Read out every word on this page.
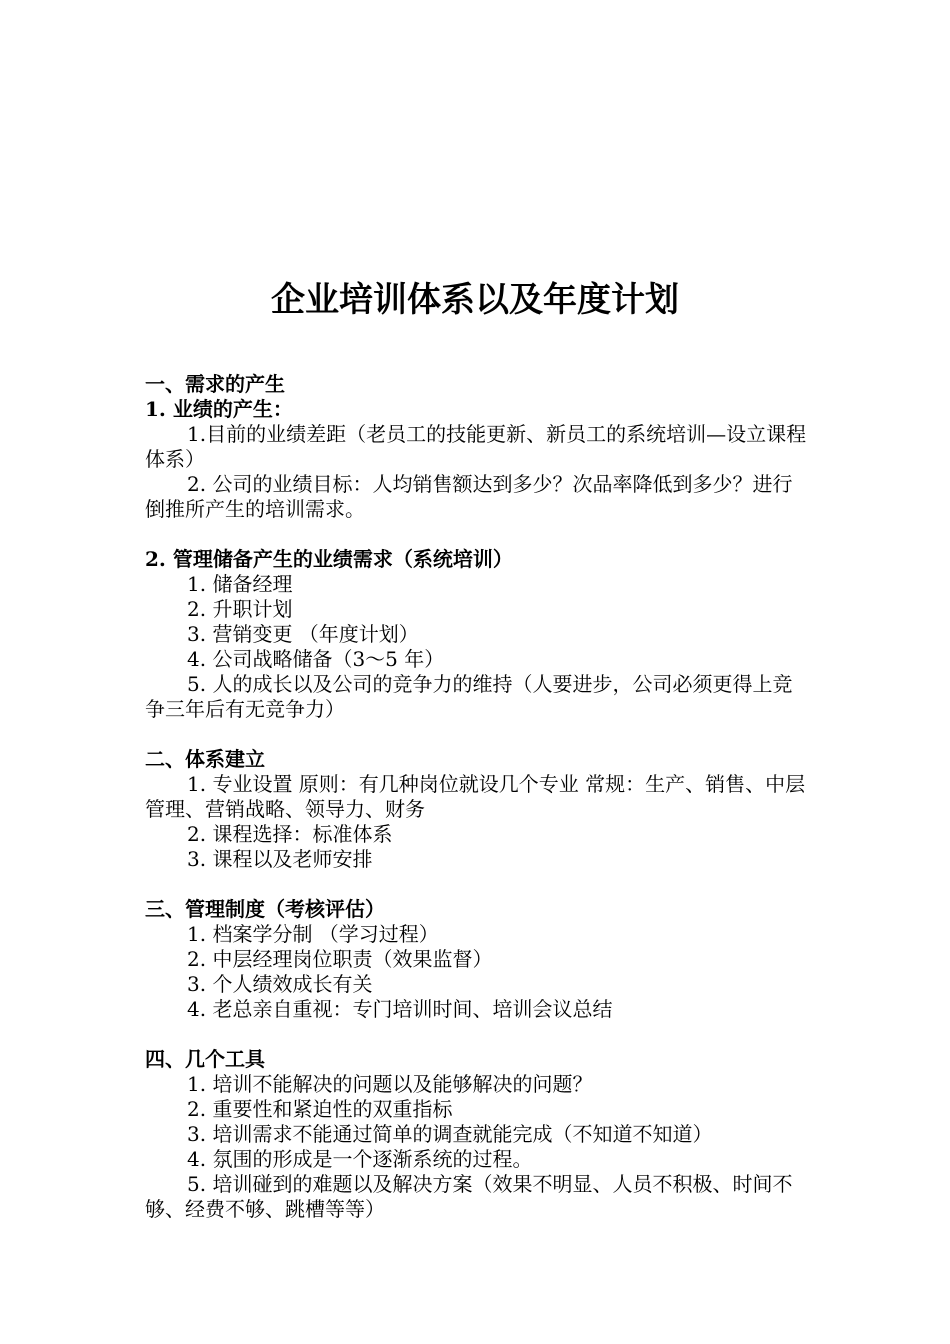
企业培训体系以及年度计划

一、需求的产生

1. 业绩的产生：

1.目前的业绩差距（老员工的技能更新、新员工的系统培训—设立课程体系）

2. 公司的业绩目标：人均销售额达到多少？次品率降低到多少？进行倒推所产生的培训需求。

2. 管理储备产生的业绩需求（系统培训）

1. 储备经理

2. 升职计划

3. 营销变更 （年度计划）

4. 公司战略储备（3～5 年）

5. 人的成长以及公司的竞争力的维持（人要进步，公司必须更得上竞争三年后有无竞争力）

二、体系建立

1. 专业设置 原则：有几种岗位就设几个专业 常规：生产、销售、中层管理、营销战略、领导力、财务

2. 课程选择：标准体系

3. 课程以及老师安排

三、管理制度（考核评估）

1. 档案学分制 （学习过程）

2. 中层经理岗位职责（效果监督）

3. 个人绩效成长有关

4. 老总亲自重视：专门培训时间、培训会议总结

四、几个工具

1. 培训不能解决的问题以及能够解决的问题？

2. 重要性和紧迫性的双重指标

3. 培训需求不能通过简单的调查就能完成（不知道不知道）

4. 氛围的形成是一个逐渐系统的过程。

5. 培训碰到的难题以及解决方案（效果不明显、人员不积极、时间不够、经费不够、跳槽等等）
